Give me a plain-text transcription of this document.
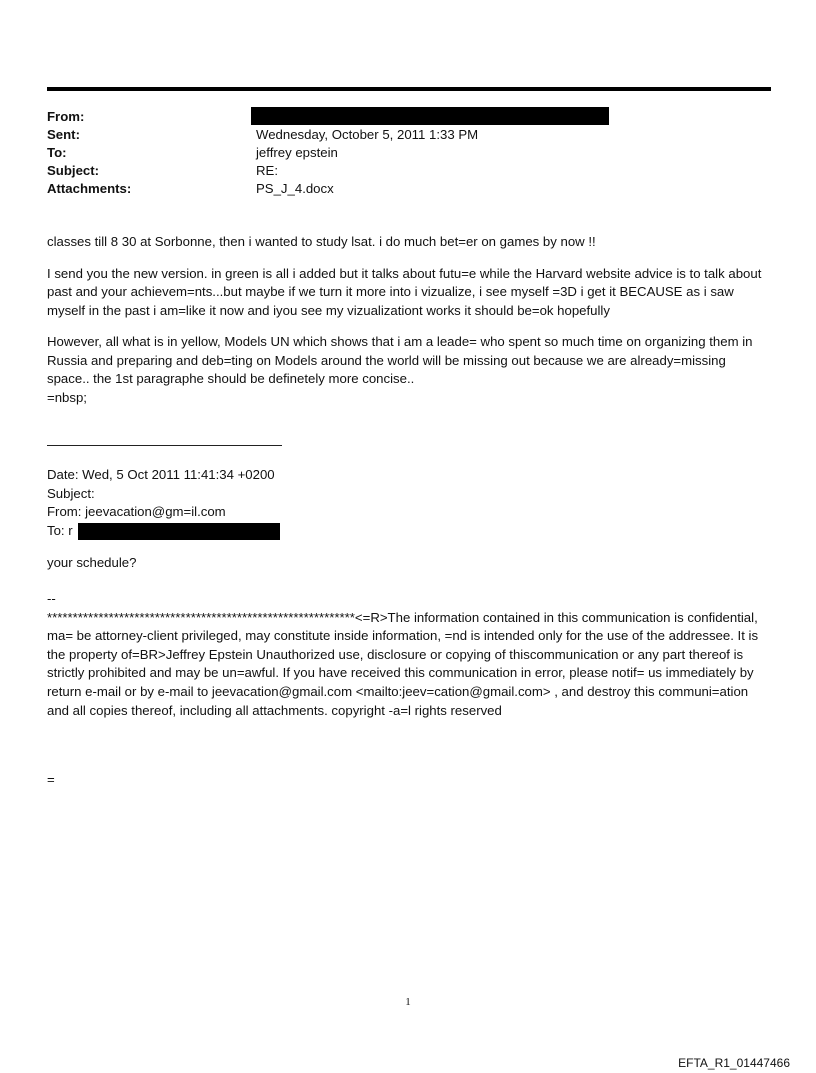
From:
Sent:	Wednesday, October 5, 2011 1:33 PM
To:	jeffrey epstein
Subject:	RE:
Attachments:	PS_J_4.docx

classes till 8 30 at Sorbonne, then i wanted to study lsat. i do much bet=er on games by now !!

I send you the new version. in green is all i added but it talks about futu=e while the Harvard website advice is to talk about past and your achievem=nts...but maybe if we turn it more into i vizualize, i see myself =3D i get it BECAUSE as i saw myself in the past i am=like it now and iyou see my vizualizationt works it should be=ok hopefully

However, all what is in yellow, Models UN which shows that i am a leade= who spent so much time on organizing them in Russia and preparing and deb=ting on Models around the world will be missing out because we are already=missing space.. the 1st paragraphe should be definetely more concise..

=nbsp;

Date: Wed, 5 Oct 2011 11:41:34 +0200
Subject:
From: jeevacation@gm=il.com
To: r
your schedule?

--

************************************************************<=R>The information contained in this communication is confidential, ma= be attorney-client privileged, may constitute inside information, =nd is intended only for the use of the addressee. It is the property of=BR>Jeffrey Epstein Unauthorized use, disclosure or copying of thiscommunication or any part thereof is strictly prohibited and may be un=awful. If you have received this communication in error, please notif= us immediately by return e-mail or by e-mail to jeevacation@gmail.com <mailto:jeev=cation@gmail.com> , and destroy this communi=ation and all copies thereof, including all attachments. copyright -a=l rights reserved

=
1
EFTA_R1_01447466
